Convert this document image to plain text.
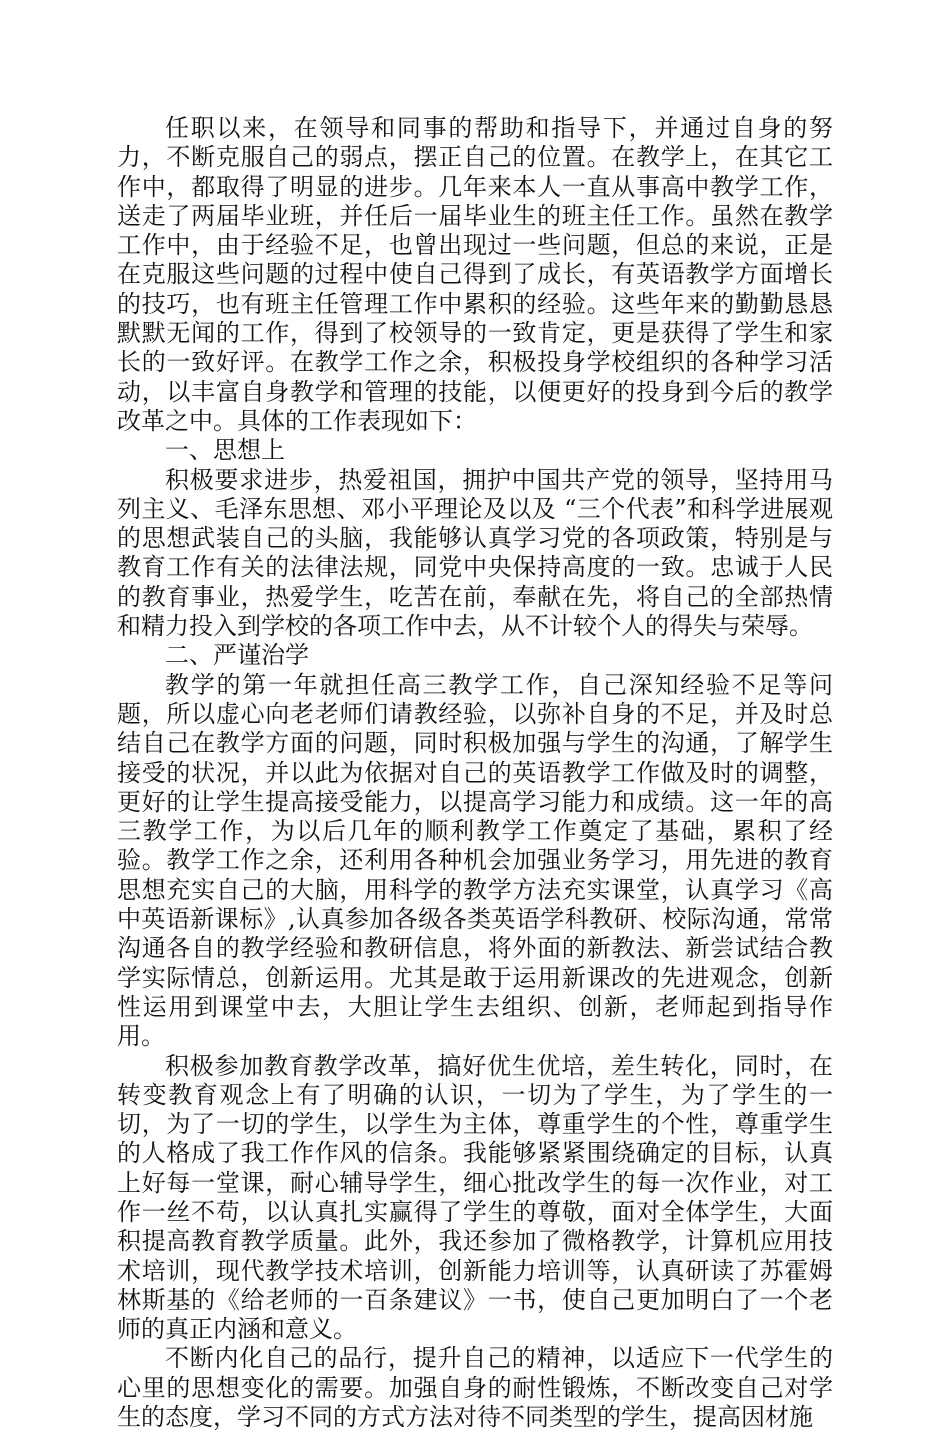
任职以来，在领导和同事的帮助和指导下，并通过自身的努力，不断克服自己的弱点，摆正自己的位置。在教学上，在其它工作中，都取得了明显的进步。几年来本人一直从事高中教学工作，送走了两届毕业班，并任后一届毕业生的班主任工作。虽然在教学工作中，由于经验不足，也曾出现过一些问题，但总的来说，正是在克服这些问题的过程中使自己得到了成长，有英语教学方面增长的技巧，也有班主任管理工作中累积的经验。这些年来的勤勤恳恳默默无闻的工作，得到了校领导的一致肯定，更是获得了学生和家长的一致好评。在教学工作之余，积极投身学校组织的各种学习活动，以丰富自身教学和管理的技能，以便更好的投身到今后的教学改革之中。具体的工作表现如下：

一、思想上

积极要求进步，热爱祖国，拥护中国共产党的领导，坚持用马列主义、毛泽东思想、邓小平理论及以及 “三个代表”和科学进展观的思想武装自己的头脑，我能够认真学习党的各项政策，特别是与教育工作有关的法律法规，同党中央保持高度的一致。忠诚于人民的教育事业，热爱学生，吃苦在前，奉献在先，将自己的全部热情和精力投入到学校的各项工作中去，从不计较个人的得失与荣辱。

二、严谨治学

教学的第一年就担任高三教学工作，自己深知经验不足等问题，所以虚心向老老师们请教经验，以弥补自身的不足，并及时总结自己在教学方面的问题，同时积极加强与学生的沟通，了解学生接受的状况，并以此为依据对自己的英语教学工作做及时的调整，更好的让学生提高接受能力，以提高学习能力和成绩。这一年的高三教学工作，为以后几年的顺利教学工作奠定了基础，累积了经验。教学工作之余，还利用各种机会加强业务学习，用先进的教育思想充实自己的大脑，用科学的教学方法充实课堂，认真学习《高中英语新课标》,认真参加各级各类英语学科教研、校际沟通，常常沟通各自的教学经验和教研信息，将外面的新教法、新尝试结合教学实际情总，创新运用。尤其是敢于运用新课改的先进观念，创新性运用到课堂中去，大胆让学生去组织、创新，老师起到指导作用。

积极参加教育教学改革，搞好优生优培，差生转化，同时，在转变教育观念上有了明确的认识，一切为了学生，为了学生的一切，为了一切的学生，以学生为主体，尊重学生的个性，尊重学生的人格成了我工作作风的信条。我能够紧紧围绕确定的目标，认真上好每一堂课，耐心辅导学生，细心批改学生的每一次作业，对工作一丝不苟，以认真扎实赢得了学生的尊敬，面对全体学生，大面积提高教育教学质量。此外，我还参加了微格教学，计算机应用技术培训，现代教学技术培训，创新能力培训等，认真研读了苏霍姆林斯基的《给老师的一百条建议》一书，使自己更加明白了一个老师的真正内涵和意义。

不断内化自己的品行，提升自己的精神，以适应下一代学生的心里的思想变化的需要。加强自身的耐性锻炼，不断改变自己对学生的态度，学习不同的方式方法对待不同类型的学生，提高因材施
